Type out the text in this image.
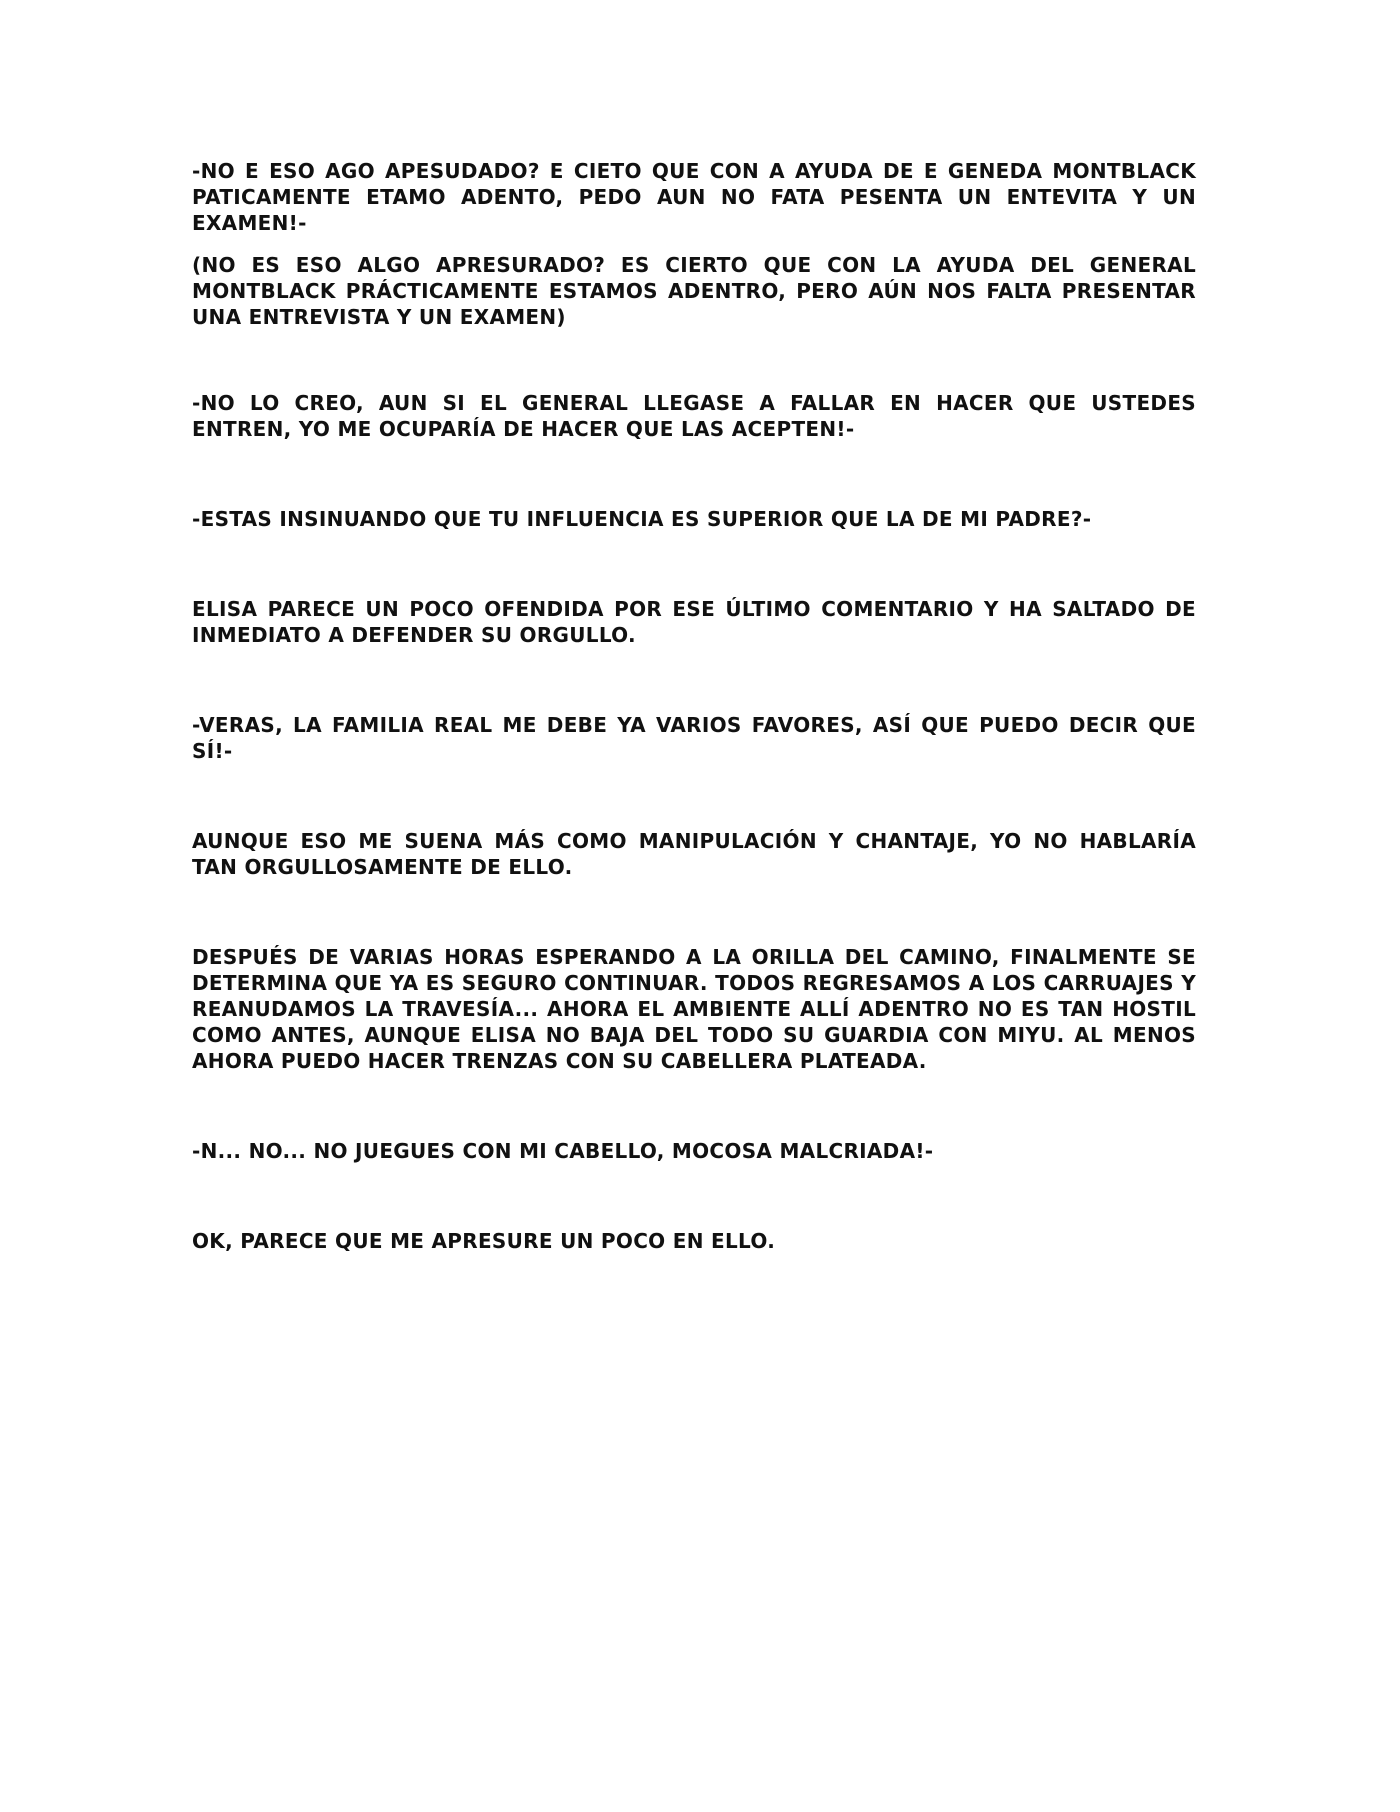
-NO E ESO AGO APESUDADO? E CIETO QUE CON A AYUDA DE E GENEDA MONTBLACK PATICAMENTE ETAMO ADENTO, PEDO AUN NO FATA PESENTA UN ENTEVITA Y UN EXAMEN!-

(NO ES ESO ALGO APRESURADO? ES CIERTO QUE CON LA AYUDA DEL GENERAL MONTBLACK PRÁCTICAMENTE ESTAMOS ADENTRO, PERO AÚN NOS FALTA PRESENTAR UNA ENTREVISTA Y UN EXAMEN)

-NO LO CREO, AUN SI EL GENERAL LLEGASE A FALLAR EN HACER QUE USTEDES ENTREN, YO ME OCUPARÍA DE HACER QUE LAS ACEPTEN!-

-ESTAS INSINUANDO QUE TU INFLUENCIA ES SUPERIOR QUE LA DE MI PADRE?-

ELISA PARECE UN POCO OFENDIDA POR ESE ÚLTIMO COMENTARIO Y HA SALTADO DE INMEDIATO A DEFENDER SU ORGULLO.

-VERAS, LA FAMILIA REAL ME DEBE YA VARIOS FAVORES, ASÍ QUE PUEDO DECIR QUE SÍ!-

AUNQUE ESO ME SUENA MÁS COMO MANIPULACIÓN Y CHANTAJE, YO NO HABLARÍA TAN ORGULLOSAMENTE DE ELLO.

DESPUÉS DE VARIAS HORAS ESPERANDO A LA ORILLA DEL CAMINO, FINALMENTE SE DETERMINA QUE YA ES SEGURO CONTINUAR. TODOS REGRESAMOS A LOS CARRUAJES Y REANUDAMOS LA TRAVESÍA... AHORA EL AMBIENTE ALLÍ ADENTRO NO ES TAN HOSTIL COMO ANTES, AUNQUE ELISA NO BAJA DEL TODO SU GUARDIA CON MIYU. AL MENOS AHORA PUEDO HACER TRENZAS CON SU CABELLERA PLATEADA.

-N... NO... NO JUEGUES CON MI CABELLO, MOCOSA MALCRIADA!-

OK, PARECE QUE ME APRESURE UN POCO EN ELLO.
